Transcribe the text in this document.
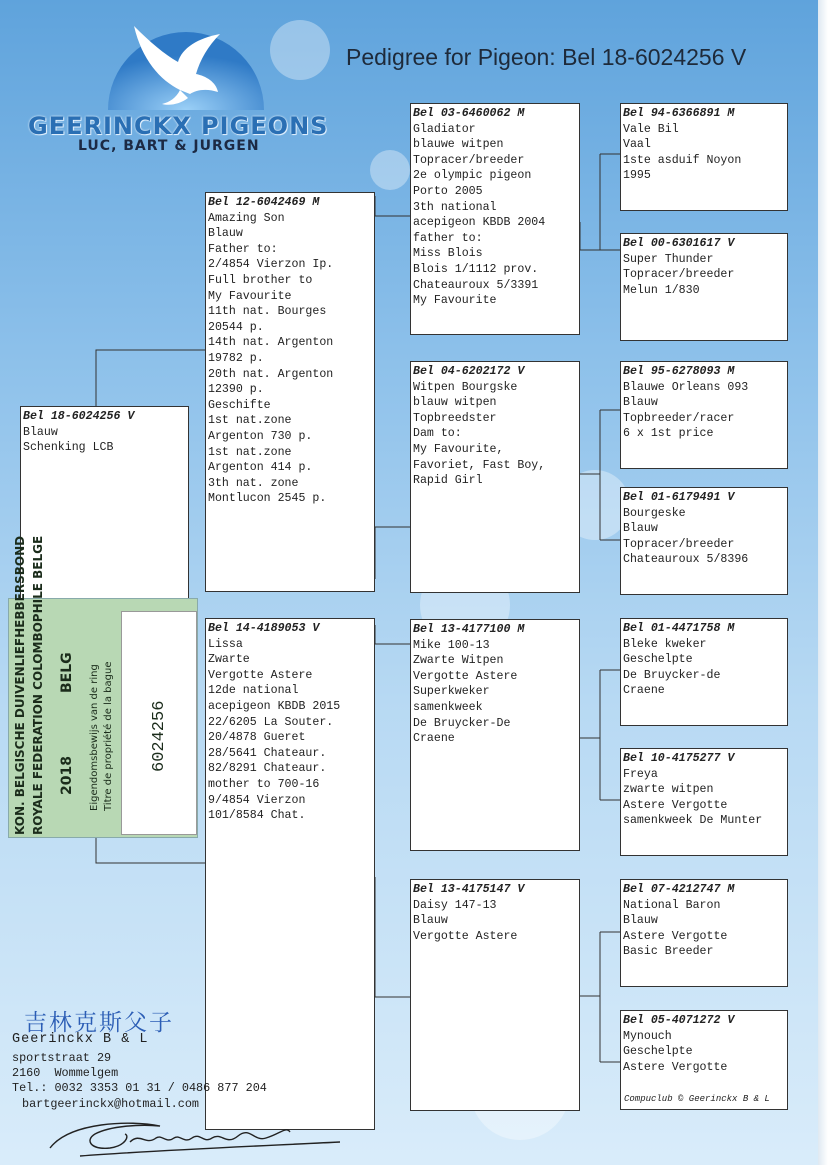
GEERINCKX PIGEONS
LUC, BART & JURGEN
Pedigree for Pigeon: Bel 18-6024256 V
Bel 18-6024256 V
Blauw
Schenking LCB
Bel 12-6042469 M
Amazing Son
Blauw
Father to:
2/4854 Vierzon Ip.
Full brother to
My Favourite
11th nat. Bourges
20544 p.
14th nat. Argenton
19782 p.
20th nat. Argenton
12390 p.
Geschifte
1st nat.zone
Argenton 730 p.
1st nat.zone
Argenton 414 p.
3th nat. zone
Montlucon 2545 p.
Bel 14-4189053 V
Lissa
Zwarte
Vergotte Astere
12de national
acepigeon KBDB 2015
22/6205 La Souter.
20/4878 Gueret
28/5641 Chateaur.
82/8291 Chateaur.
mother to 700-16
9/4854 Vierzon
101/8584 Chat.
Bel 03-6460062 M
Gladiator
blauwe witpen
Topracer/breeder
2e olympic pigeon
Porto 2005
3th national
acepigeon KBDB 2004
father to:
Miss Blois
Blois 1/1112 prov.
Chateauroux 5/3391
My Favourite
Bel 04-6202172 V
Witpen Bourgske
blauw witpen
Topbreedster
Dam to:
My Favourite,
Favoriet, Fast Boy,
Rapid Girl
Bel 13-4177100 M
Mike 100-13
Zwarte Witpen
Vergotte Astere
Superkweker
samenkweek
De Bruycker-De
Craene
Bel 13-4175147 V
Daisy 147-13
Blauw
Vergotte Astere
Bel 94-6366891 M
Vale Bil
Vaal
1ste asduif Noyon
1995
Bel 00-6301617 V
Super Thunder
Topracer/breeder
Melun 1/830
Bel 95-6278093 M
Blauwe Orleans 093
Blauw
Topbreeder/racer
6 x 1st price
Bel 01-6179491 V
Bourgeske
Blauw
Topracer/breeder
Chateauroux 5/8396
Bel 01-4471758 M
Bleke kweker
Geschelpte
De Bruycker-de
Craene
Bel 10-4175277 V
Freya
zwarte witpen
Astere Vergotte
samenkweek De Munter
Bel 07-4212747 M
National Baron
Blauw
Astere Vergotte
Basic Breeder
Bel 05-4071272 V
Mynouch
Geschelpte
Astere Vergotte
Compuclub © Geerinckx B & L
KON. BELGISCHE DUIVENLIEFHEBBERSBOND ROYALE FEDERATION COLOMBOPHILE BELGE 2018
BELG Eigendomsbewijs van de ring Titre de propriété de la bague 6024256
吉林克斯父子
Geerinckx B & L
sportstraat 29
2160  Wommelgem
Tel.: 0032 3353 01 31 / 0486 877 204
bartgeerinckx@hotmail.com
